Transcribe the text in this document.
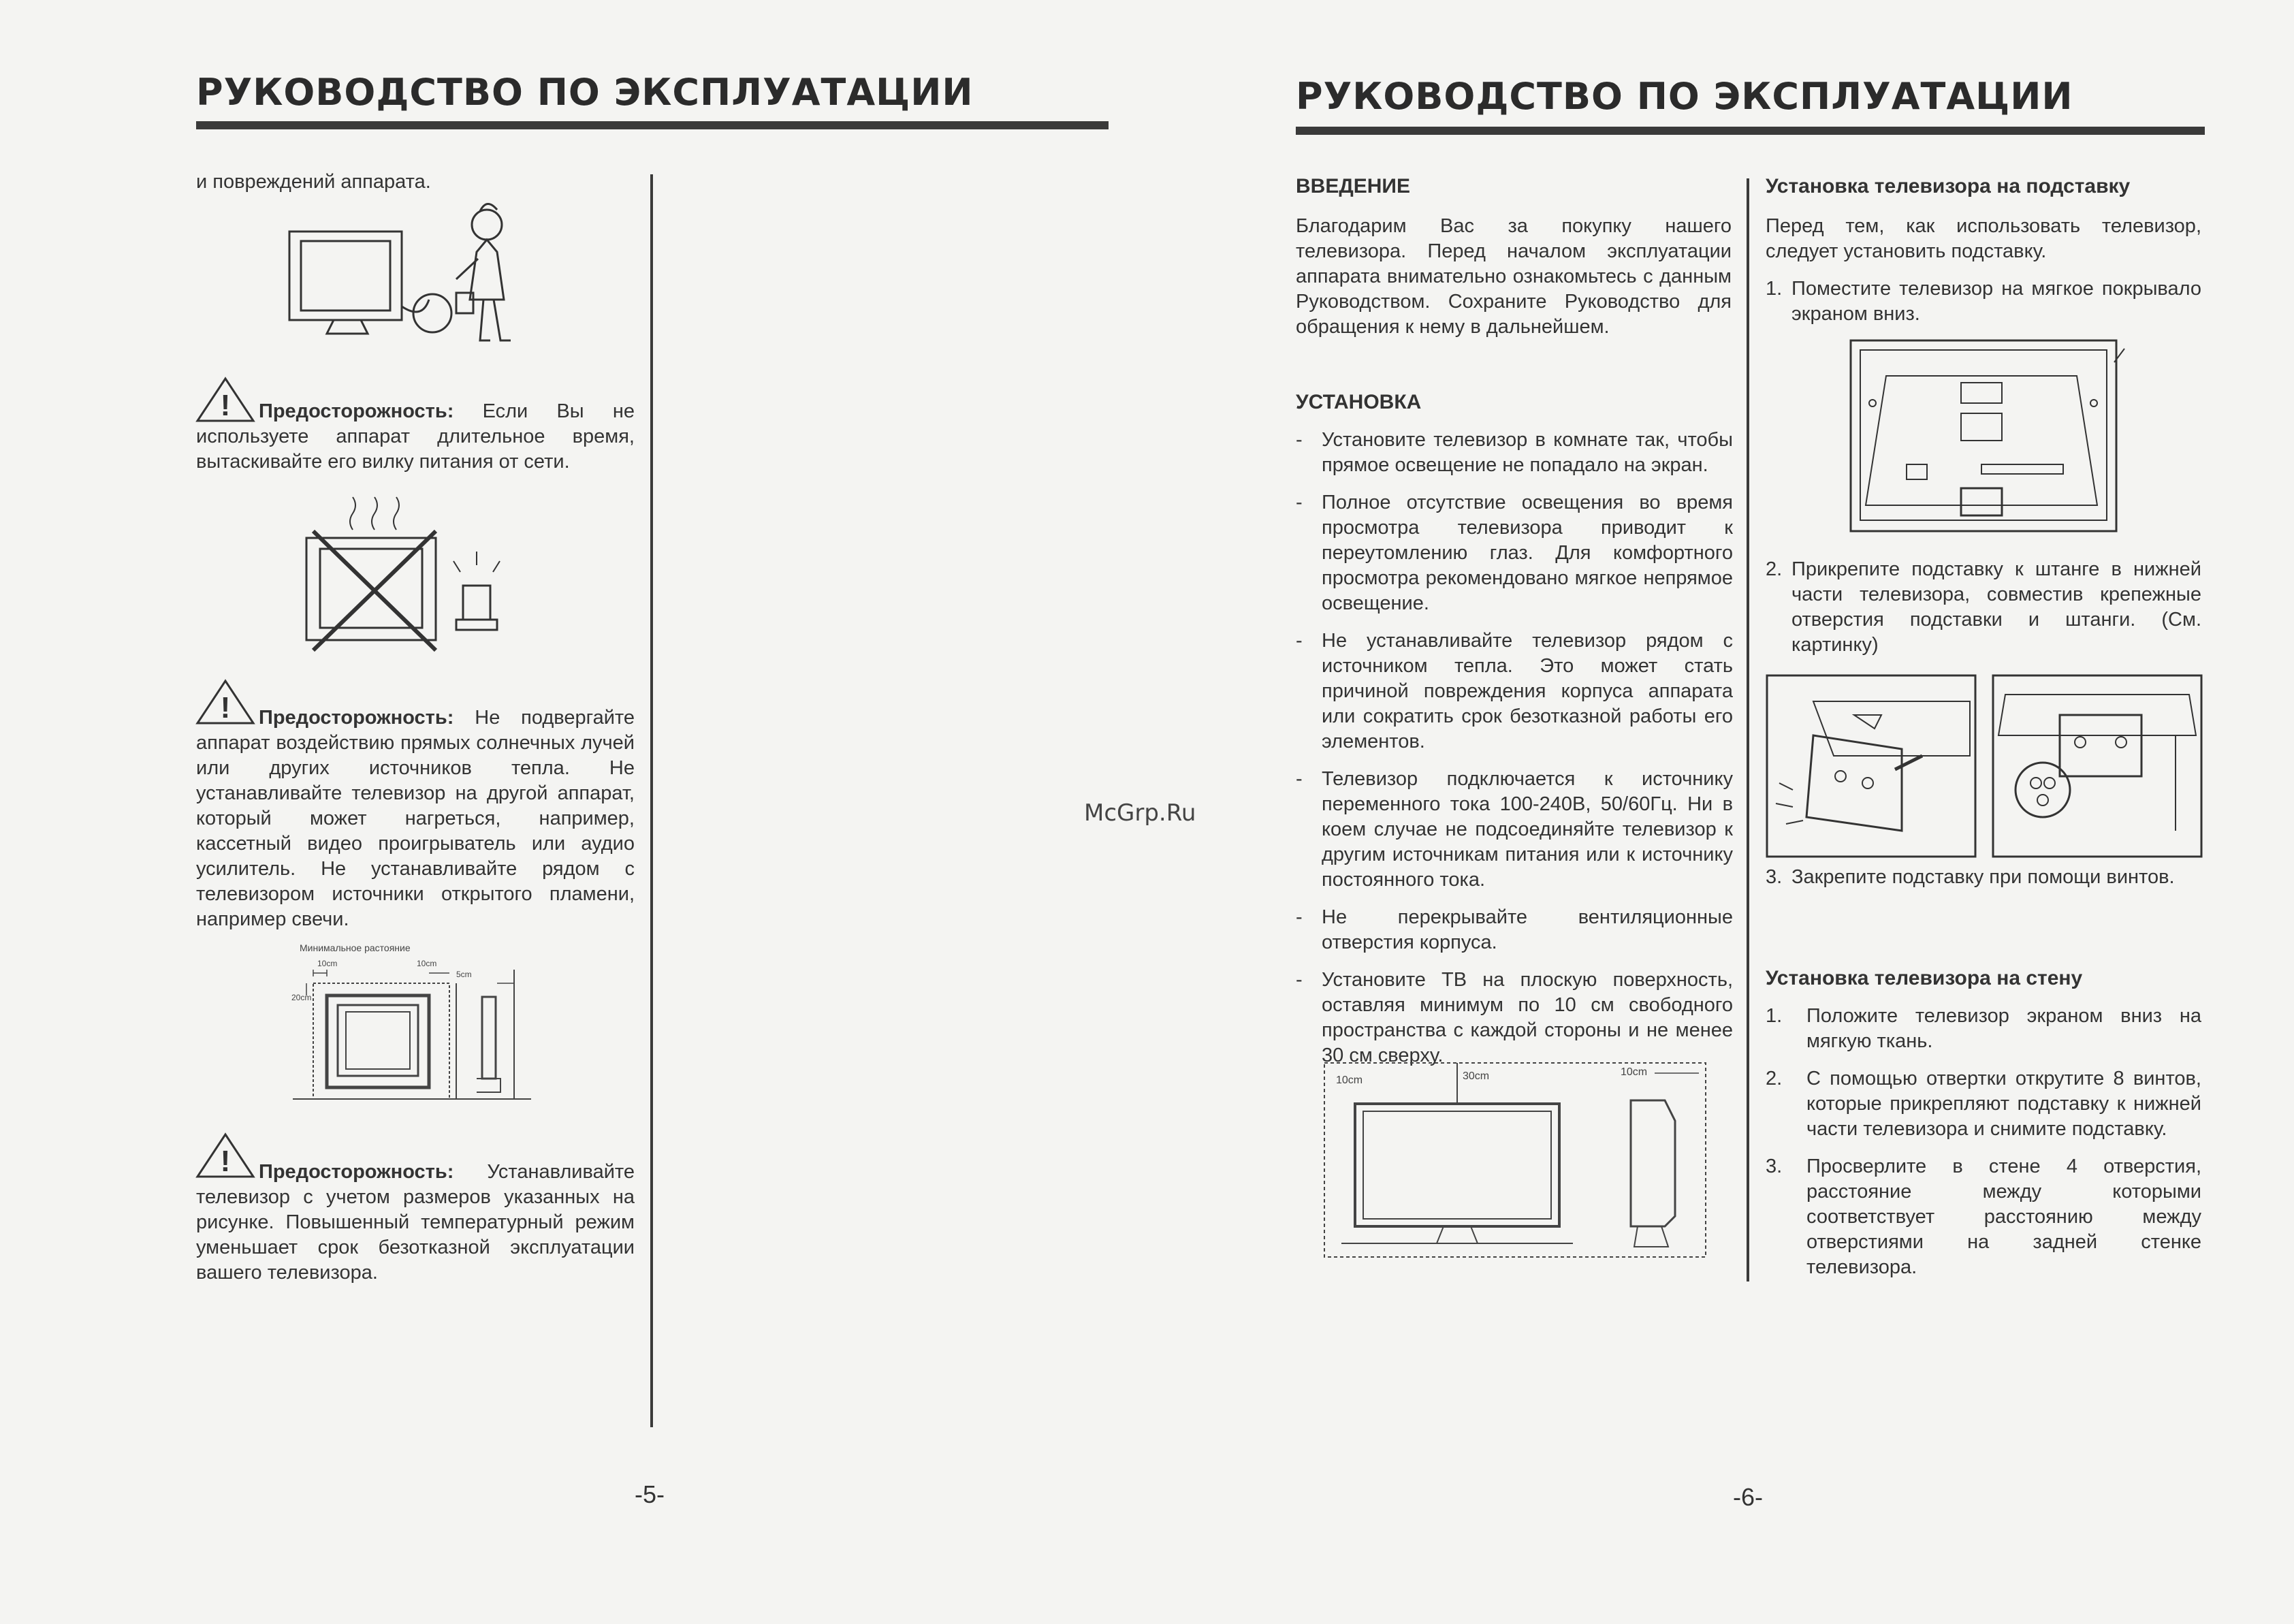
РУКОВОДСТВО ПО ЭКСПЛУАТАЦИИ

и повреждений аппарата.

!	Предосторожность: Если Вы не используете аппарат длительное время, вытаскивайте его вилку питания от сети.
!	Предосторожность: Не подвергайте аппарат воздействию прямых солнечных лучей или других источников тепла. Не устанавливайте телевизор на другой аппарат, который может нагреться, например, кассетный видео проигрыватель или аудио усилитель. Не устанавливайте рядом с телевизором источники открытого пламени, например свечи.
Минимальное растояние
10cm	10cm
5cm
20cm
!	Предосторожность: Устанавливайте телевизор с учетом размеров указанных на рисунке. Повышенный температурный режим уменьшает срок безотказной эксплуатации вашего телевизора.
-5-
McGrp.Ru
РУКОВОДСТВО ПО ЭКСПЛУАТАЦИИ
ВВЕДЕНИЕ

Благодарим Вас за покупку нашего телевизора. Перед началом эксплуатации аппарата внимательно ознакомьтесь с данным Руководством. Сохраните Руководство для обращения к нему в дальнейшем.

УСТАНОВКА
- Установите телевизор в комнате так, чтобы прямое освещение не попадало на экран.
- Полное отсутствие освещения во время просмотра телевизора приводит к переутомлению глаз. Для комфортного просмотра рекомендовано мягкое непрямое освещение.
- Не устанавливайте телевизор рядом с источником тепла. Это может стать причиной повреждения корпуса аппарата или сократить срок безотказной работы его элементов.
- Телевизор подключается к источнику переменного тока 100-240В, 50/60Гц. Ни в коем случае не подсоединяйте телевизор к другим источникам питания или к источнику постоянного тока.
- Не перекрывайте вентиляционные отверстия корпуса.
- Установите ТВ на плоскую поверхность, оставляя минимум по 10 см свободного пространства с каждой стороны и не менее 30 см сверху.
10cm	30cm	10cm
Установка телевизора на подставку

Перед тем, как использовать телевизор, следует установить подставку.

1. Поместите телевизор на мягкое покрывало экраном вниз.
2. Прикрепите подставку к штанге в нижней части телевизора, совместив крепежные отверстия подставки и штанги. (См. картинку)
3. Закрепите подставку при помощи винтов.
Установка телевизора на стену
1. Положите телевизор экраном вниз на мягкую ткань.
2. С помощью отвертки открутите 8 винтов, которые прикрепляют подставку к нижней части телевизора и снимите подставку.
3. Просверлите в стене 4 отверстия, расстояние между которыми соответствует расстоянию между отверстиями на задней стенке телевизора.
-6-
